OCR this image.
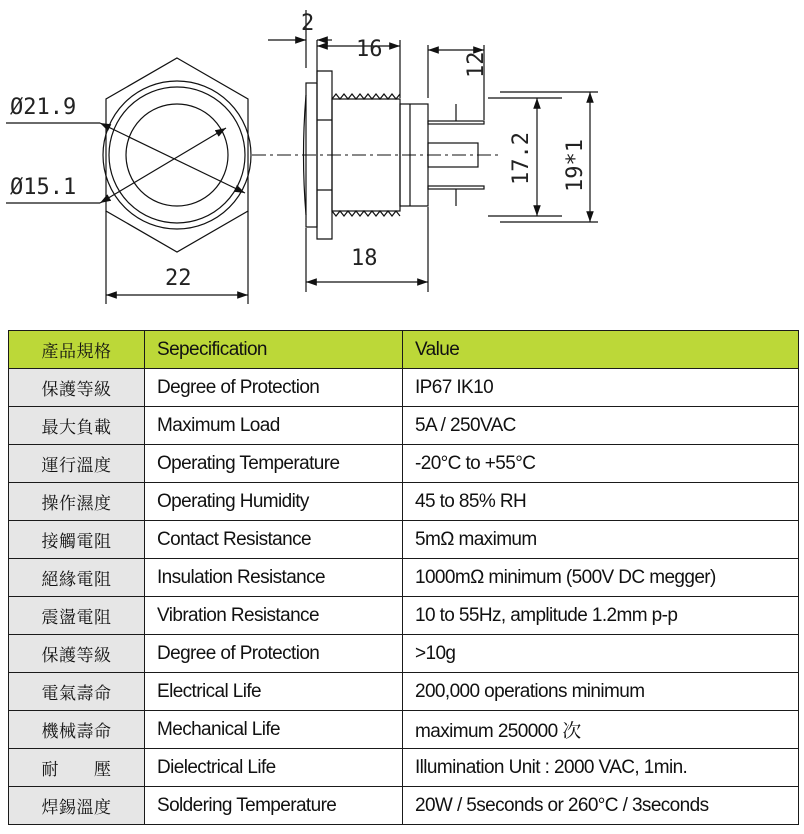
Ø21.9
Ø15.1
22
2
16
18
12
17.2 19*1
產品規格	Sepecification	Value
保護等級	Degree of Protection	IP67 IK10
最大負載	Maximum Load	5A / 250VAC
運行溫度	Operating Temperature	-20°C to +55°C
操作濕度	Operating Humidity	45 to 85% RH
接觸電阻	Contact Resistance	5mΩ maximum
絕緣電阻	Insulation Resistance	1000mΩ minimum (500V DC megger)
震盪電阻	Vibration Resistance	10 to 55Hz, amplitude 1.2mm p-p
保護等級	Degree of Protection	>10g
電氣壽命	Electrical Life	200,000 operations minimum
機械壽命	Mechanical Life	maximum 250000 次
耐　　壓	Dielectrical Life	Illumination Unit : 2000 VAC, 1min.
焊錫溫度	Soldering Temperature	20W / 5seconds or 260°C / 3seconds
